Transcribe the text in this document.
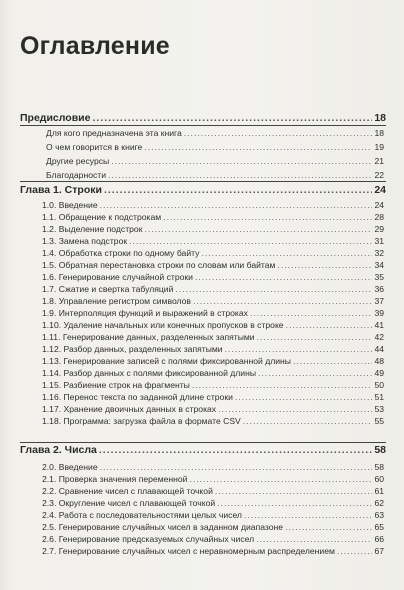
Оглавление
Предисловие .....	18
Для кого предназначена эта книга .....	18
О чем говорится в книге .....	19
Другие ресурсы .....	21
Благодарности .....	22
Глава 1. Строки .....	24
1.0. Введение .....	24
1.1. Обращение к подстрокам .....	28
1.2. Выделение подстрок .....	29
1.3. Замена подстрок .....	31
1.4. Обработка строки по одному байту .....	32
1.5. Обратная перестановка строки по словам или байтам .....	34
1.6. Генерирование случайной строки .....	35
1.7. Сжатие и свертка табуляций .....	36
1.8. Управление регистром символов .....	37
1.9. Интерполяция функций и выражений в строках .....	39
1.10. Удаление начальных или конечных пропусков в строке .....	41
1.11. Генерирование данных, разделенных запятыми .....	42
1.12. Разбор данных, разделенных запятыми .....	44
1.13. Генерирование записей с полями фиксированной длины .....	48
1.14. Разбор данных с полями фиксированной длины .....	49
1.15. Разбиение строк на фрагменты .....	50
1.16. Перенос текста по заданной длине строки .....	51
1.17. Хранение двоичных данных в строках .....	53
1.18. Программа: загрузка файла в формате CSV .....	55
Глава 2. Числа .....	58
2.0. Введение .....	58
2.1. Проверка значения переменной .....	60
2.2. Сравнение чисел с плавающей точкой .....	61
2.3. Округление чисел с плавающей точкой .....	62
2.4. Работа с последовательностями целых чисел .....	63
2.5. Генерирование случайных чисел в заданном диапазоне .....	65
2.6. Генерирование предсказуемых случайных чисел .....	66
2.7. Генерирование случайных чисел с неравномерным распределением .....	67
